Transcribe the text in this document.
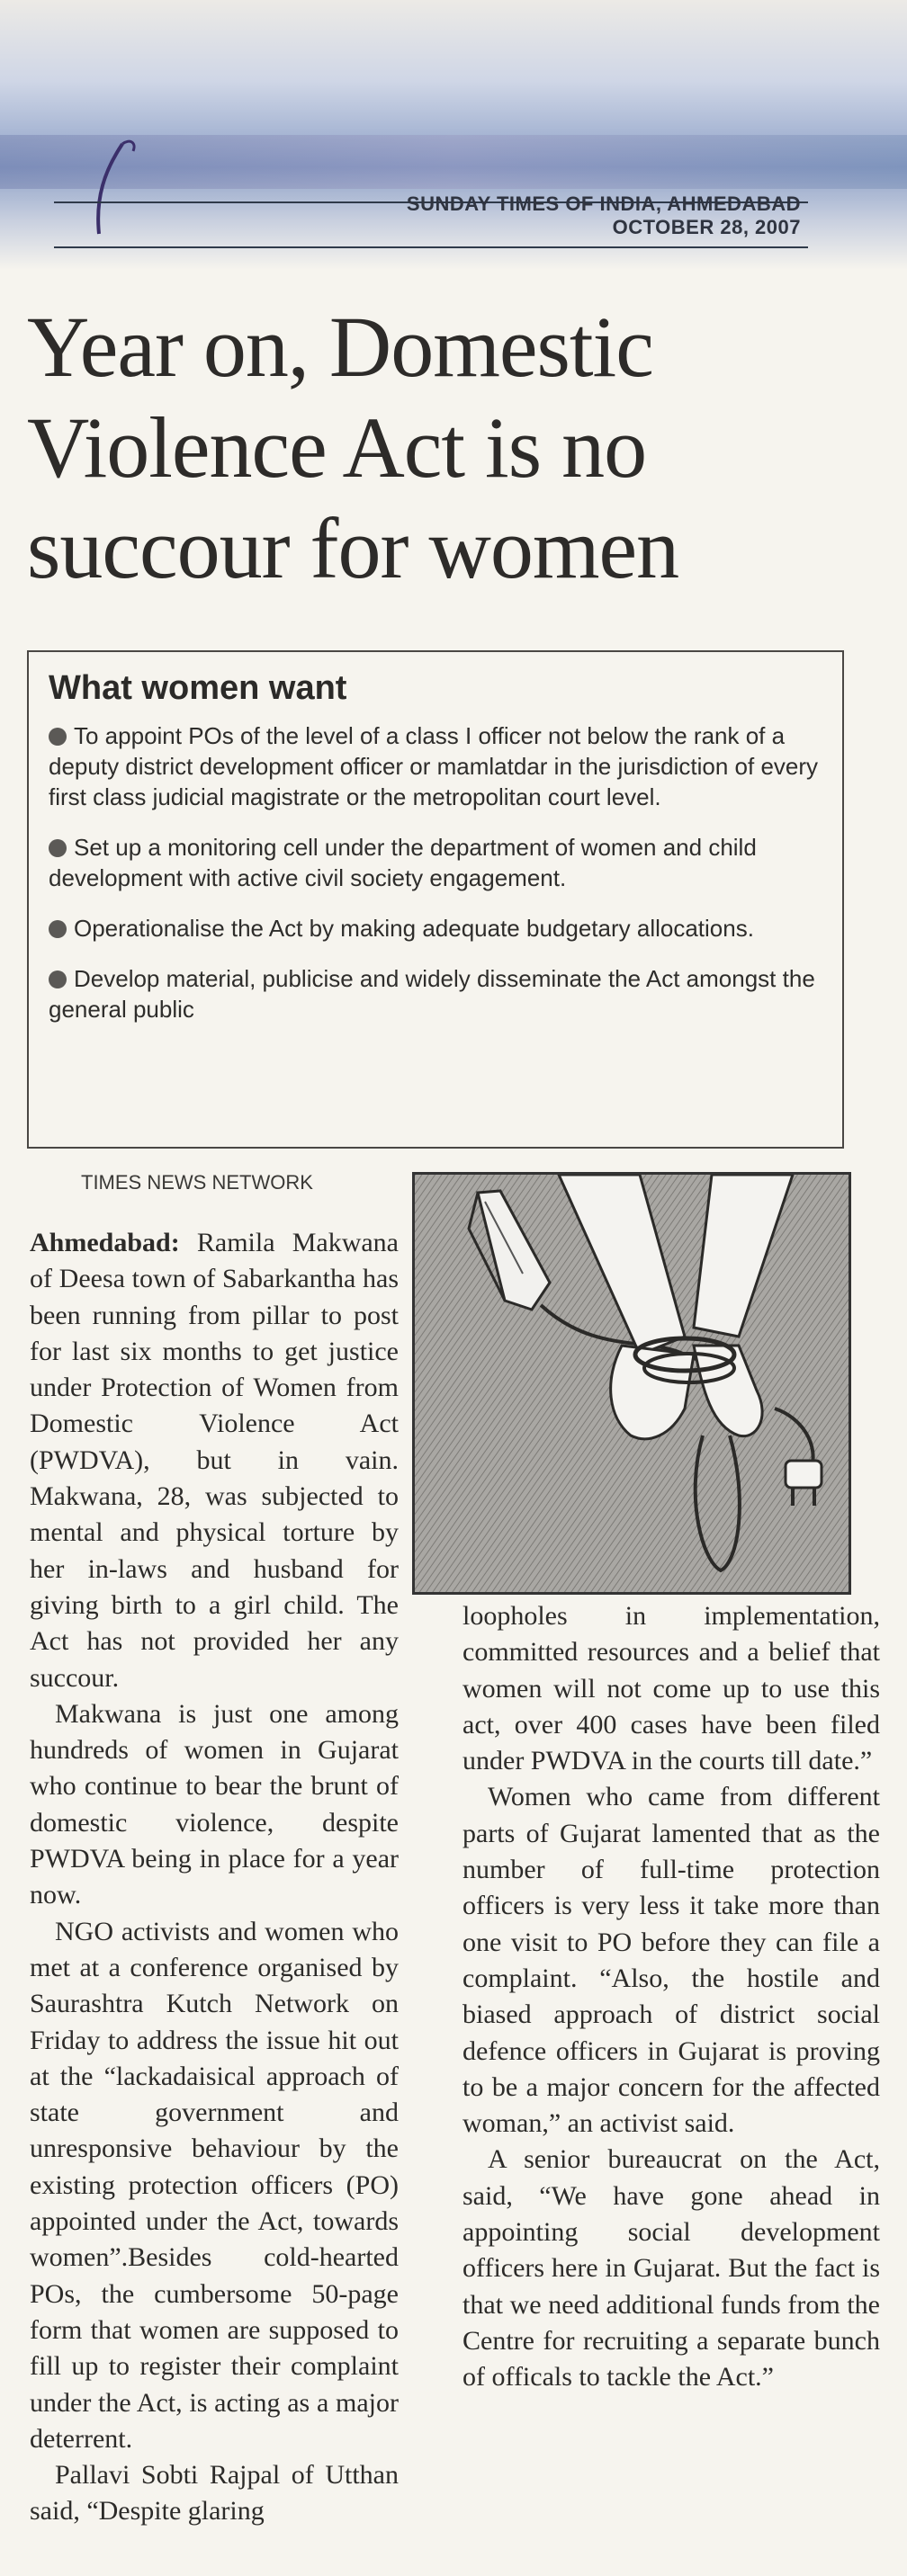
SUNDAY TIMES OF INDIA, AHMEDABAD
OCTOBER 28, 2007
Year on, Domestic Violence Act is no succour for women
What women want
To appoint POs of the level of a class I officer not below the rank of a deputy district development officer or mamlatdar in the jurisdiction of every first class judicial magistrate or the metropolitan court level.
Set up a monitoring cell under the department of women and child development with active civil society engagement.
Operationalise the Act by making adequate budgetary allocations.
Develop material, publicise and widely disseminate the Act amongst the general public
TIMES NEWS NETWORK

Ahmedabad: Ramila Makwana of Deesa town of Sabarkantha has been running from pillar to post for last six months to get justice under Protection of Women from Domestic Violence Act (PWDVA), but in vain. Makwana, 28, was subjected to mental and physical torture by her in-laws and husband for giving birth to a girl child. The Act has not provided her any succour.

Makwana is just one among hundreds of women in Gujarat who continue to bear the brunt of domestic violence, despite PWDVA being in place for a year now.

NGO activists and women who met at a conference organised by Saurashtra Kutch Network on Friday to address the issue hit out at the “lackadaisical approach of state government and unresponsive behaviour by the existing protection officers (PO) appointed under the Act, towards women”.Besides cold-hearted POs, the cumbersome 50-page form that women are supposed to fill up to register their complaint under the Act, is acting as a major deterrent.

Pallavi Sobti Rajpal of Utthan said, “Despite glaring

loopholes in implementation, committed resources and a belief that women will not come up to use this act, over 400 cases have been filed under PWDVA in the courts till date.”

Women who came from different parts of Gujarat lamented that as the number of full-time protection officers is very less it take more than one visit to PO before they can file a complaint. “Also, the hostile and biased approach of district social defence officers in Gujarat is proving to be a major concern for the affected woman,” an activist said.

A senior bureaucrat on the Act, said, “We have gone ahead in appointing social development officers here in Gujarat. But the fact is that we need additional funds from the Centre for recruiting a separate bunch of officals to tackle the Act.”
